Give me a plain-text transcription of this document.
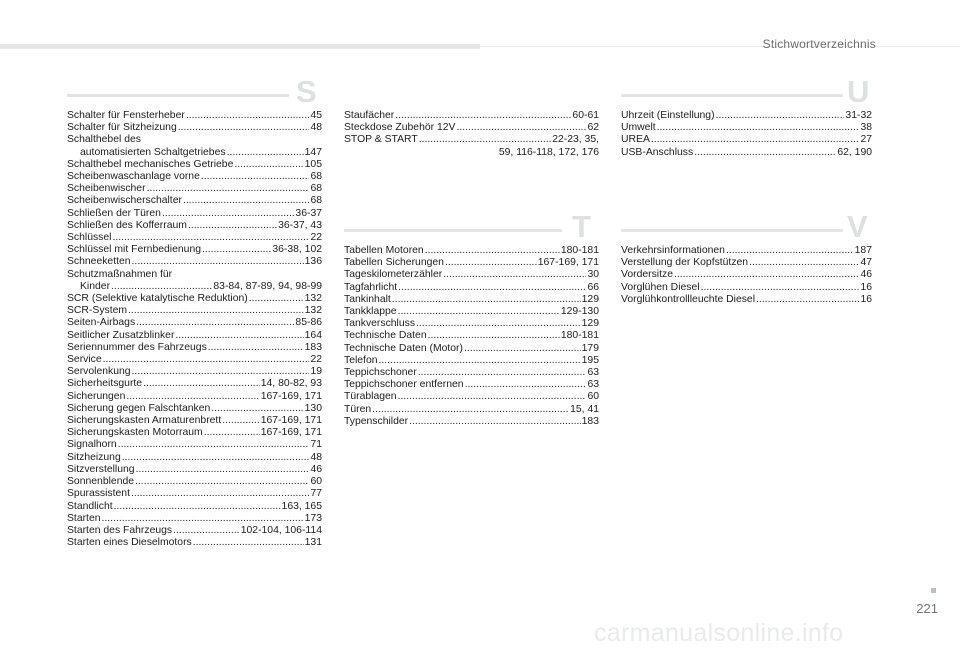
Stichwortverzeichnis
S
Schalter für Fensterheber .....	45
Schalter für Sitzheizung .....	48
Schalthebel des
automatisierten Schaltgetriebes .....	147
Schalthebel mechanisches Getriebe .....	105
Scheibenwaschanlage vorne .....	68
Scheibenwischer .....	68
Scheibenwischerschalter .....	68
Schließen der Türen .....	36-37
Schließen des Kofferraum .....	36-37, 43
Schlüssel .....	22
Schlüssel mit Fernbedienung .....	36-38, 102
Schneeketten .....	136
Schutzmaßnahmen für
Kinder .....	83-84, 87-89, 94, 98-99
SCR (Selektive katalytische Reduktion) .....	132
SCR-System .....	132
Seiten-Airbags .....	85-86
Seitlicher Zusatzblinker .....	164
Seriennummer des Fahrzeugs .....	183
Service .....	22
Servolenkung .....	19
Sicherheitsgurte .....	14, 80-82, 93
Sicherungen .....	167-169, 171
Sicherung gegen Falschtanken .....	130
Sicherungskasten Armaturenbrett .....	167-169, 171
Sicherungskasten Motorraum .....	167-169, 171
Signalhorn .....	71
Sitzheizung .....	48
Sitzverstellung .....	46
Sonnenblende .....	60
Spurassistent .....	77
Standlicht .....	163, 165
Starten .....	173
Starten des Fahrzeugs .....	102-104, 106-114
Starten eines Dieselmotors .....	131
Staufächer .....	60-61
Steckdose Zubehör 12V .....	62
STOP & START .....	22-23, 35,
59, 116-118, 172, 176
T
Tabellen Motoren .....	180-181
Tabellen Sicherungen .....	167-169, 171
Tageskilometerzähler .....	30
Tagfahrlicht .....	66
Tankinhalt .....	129
Tankklappe .....	129-130
Tankverschluss .....	129
Technische Daten .....	180-181
Technische Daten (Motor) .....	179
Telefon .....	195
Teppichschoner .....	63
Teppichschoner entfernen .....	63
Türablagen .....	60
Türen .....	15, 41
Typenschilder .....	183
U
Uhrzeit (Einstellung) .....	31-32
Umwelt .....	38
UREA .....	27
USB-Anschluss .....	62, 190
V
Verkehrsinformationen .....	187
Verstellung der Kopfstützen .....	47
Vordersitze .....	46
Vorglühen Diesel .....	16
Vorglühkontrollleuchte Diesel .....	16
221
carmanualsonline.info
